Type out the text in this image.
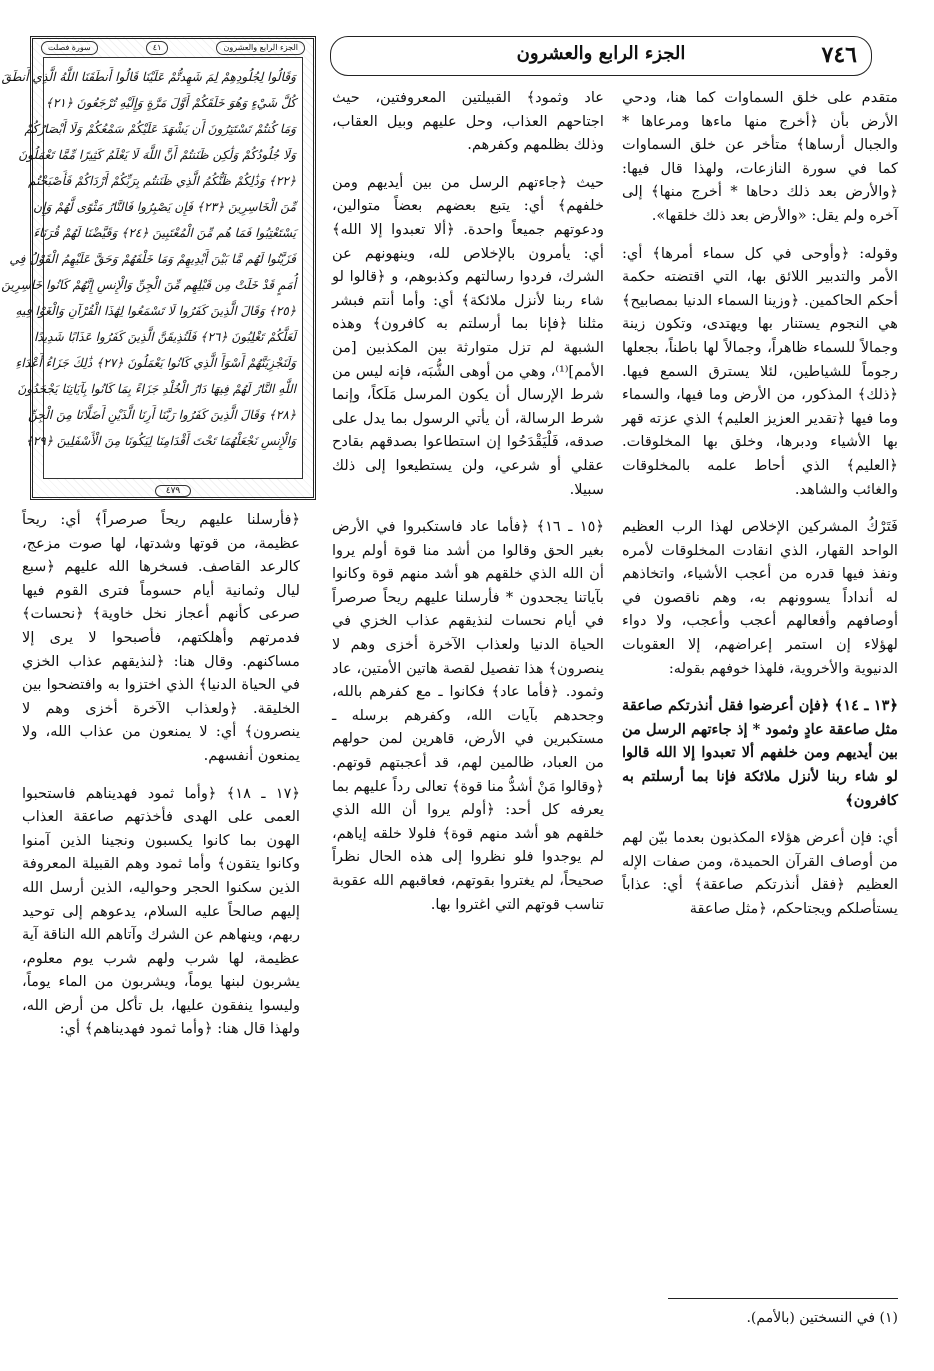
٧٤٦
الجزء الرابع والعشرون
الجزء الرابع والعشرون
٤١
سورة فصلت
وَقَالُوا لِجُلُودِهِمْ لِمَ شَهِدتُّمْ عَلَيْنَا قَالُوا أَنطَقَنَا اللَّهُ الَّذِي أَنطَقَ
كُلَّ شَيْءٍ وَهُوَ خَلَقَكُمْ أَوَّلَ مَرَّةٍ وَإِلَيْهِ تُرْجَعُونَ ﴿٢١﴾
وَمَا كُنتُمْ تَسْتَتِرُونَ أَن يَشْهَدَ عَلَيْكُمْ سَمْعُكُمْ وَلَا أَبْصَارُكُمْ
وَلَا جُلُودُكُمْ وَلَٰكِن ظَنَنتُمْ أَنَّ اللَّهَ لَا يَعْلَمُ كَثِيرًا مِّمَّا تَعْمَلُونَ
﴿٢٢﴾ وَذَٰلِكُمْ ظَنُّكُمُ الَّذِي ظَنَنتُم بِرَبِّكُمْ أَرْدَاكُمْ فَأَصْبَحْتُم
مِّنَ الْخَاسِرِينَ ﴿٢٣﴾ فَإِن يَصْبِرُوا فَالنَّارُ مَثْوًى لَّهُمْ وَإِن
يَسْتَعْتِبُوا فَمَا هُم مِّنَ الْمُعْتَبِينَ ﴿٢٤﴾ وَقَيَّضْنَا لَهُمْ قُرَنَاءَ
فَزَيَّنُوا لَهُم مَّا بَيْنَ أَيْدِيهِمْ وَمَا خَلْفَهُمْ وَحَقَّ عَلَيْهِمُ الْقَوْلُ فِي
أُمَمٍ قَدْ خَلَتْ مِن قَبْلِهِم مِّنَ الْجِنِّ وَالْإِنسِ إِنَّهُمْ كَانُوا خَاسِرِينَ
﴿٢٥﴾ وَقَالَ الَّذِينَ كَفَرُوا لَا تَسْمَعُوا لِهَٰذَا الْقُرْآنِ وَالْغَوْا فِيهِ
لَعَلَّكُمْ تَغْلِبُونَ ﴿٢٦﴾ فَلَنُذِيقَنَّ الَّذِينَ كَفَرُوا عَذَابًا شَدِيدًا
وَلَنَجْزِيَنَّهُمْ أَسْوَأَ الَّذِي كَانُوا يَعْمَلُونَ ﴿٢٧﴾ ذَٰلِكَ جَزَاءُ أَعْدَاءِ
اللَّهِ النَّارُ لَهُمْ فِيهَا دَارُ الْخُلْدِ جَزَاءً بِمَا كَانُوا بِآيَاتِنَا يَجْحَدُونَ
﴿٢٨﴾ وَقَالَ الَّذِينَ كَفَرُوا رَبَّنَا أَرِنَا الَّذَيْنِ أَضَلَّانَا مِنَ الْجِنِّ
وَالْإِنسِ نَجْعَلْهُمَا تَحْتَ أَقْدَامِنَا لِيَكُونَا مِنَ الْأَسْفَلِينَ ﴿٢٩﴾
٤٧٩

متقدم على خلق السماوات كما هنا، ودحي الأرض بأن ﴿أخرج منها ماءها ومرعاها * والجبال أرساها﴾ متأخر عن خلق السماوات كما في سورة النازعات، ولهذا قال فيها: ﴿والأرض بعد ذلك دحاها * أخرج منها﴾ إلى آخره ولم يقل: «والأرض بعد ذلك خلقها».

وقوله: ﴿وأوحى في كل سماء أمرها﴾ أي: الأمر والتدبير اللائق بها، التي اقتضته حكمة أحكم الحاكمين. ﴿وزينا السماء الدنيا بمصابيح﴾ هي النجوم يستنار بها ويهتدى، وتكون زينة وجمالاً للسماء ظاهراً، وجمالاً لها باطناً، بجعلها رجوماً للشياطين، لئلا يسترق السمع فيها. ﴿ذلك﴾ المذكور، من الأرض وما فيها، والسماء وما فيها ﴿تقدير العزيز العليم﴾ الذي عزته قهر بها الأشياء ودبرها، وخلق بها المخلوقات. ﴿العليم﴾ الذي أحاط علمه بالمخلوقات والغائب والشاهد.

فَتَرْكُ المشركين الإخلاص لهذا الرب العظيم الواحد القهار، الذي انقادت المخلوقات لأمره ونفذ فيها قدره من أعجب الأشياء، واتخاذهم له أنداداً يسوونهم به، وهم ناقصون في أوصافهم وأفعالهم أعجب وأعجب، ولا دواء لهؤلاء إن استمر إعراضهم، إلا العقوبات الدنيوية والأخروية، فلهذا خوفهم بقوله:

﴿١٣ ـ ١٤﴾ ﴿فإن أعرضوا فقل أنذرتكم صاعقة مثل صاعقة عادٍ وثمود * إذ جاءتهم الرسل من بين أيديهم ومن خلفهم ألا تعبدوا إلا الله قالوا لو شاء ربنا لأنزل ملائكة فإنا بما أرسلتم به كافرون﴾

أي: فإن أعرض هؤلاء المكذبون بعدما بيّن لهم من أوصاف القرآن الحميدة، ومن صفات الإله العظيم ﴿فقل أنذرتكم صاعقة﴾ أي: عذاباً يستأصلكم ويجتاحكم، ﴿مثل صاعقة

عاد وثمود﴾ القبيلتين المعروفتين، حيث اجتاحهم العذاب، وحل عليهم وبيل العقاب، وذلك بظلمهم وكفرهم.

حيث ﴿جاءتهم الرسل من بين أيديهم ومن خلفهم﴾ أي: يتبع بعضهم بعضاً متوالين، ودعوتهم جميعاً واحدة. ﴿ألا تعبدوا إلا الله﴾ أي: يأمرون بالإخلاص لله، وينهونهم عن الشرك، فردوا رسالتهم وكذبوهم، و ﴿قالوا لو شاء ربنا لأنزل ملائكة﴾ أي: وأما أنتم فبشر مثلنا ﴿فإنا بما أرسلتم به كافرون﴾ وهذه الشبهة لم تزل متوارثة بين المكذبين [من الأمم]⁽¹⁾، وهي من أوهى الشُّبَه، فإنه ليس من شرط الإرسال أن يكون المرسل مَلَكاً، وإنما شرط الرسالة، أن يأتي الرسول بما يدل على صدقه، فَلْيَقْدَحُوا إن استطاعوا بصدقهم بقادح عقلي أو شرعي، ولن يستطيعوا إلى ذلك سبيلا.

﴿١٥ ـ ١٦﴾ ﴿فأما عاد فاستكبروا في الأرض بغير الحق وقالوا من أشد منا قوة أولم يروا أن الله الذي خلقهم هو أشد منهم قوة وكانوا بآياتنا يجحدون * فأرسلنا عليهم ريحاً صرصراً في أيام نحسات لنذيقهم عذاب الخزي في الحياة الدنيا ولعذاب الآخرة أخزى وهم لا ينصرون﴾ هذا تفصيل لقصة هاتين الأمتين، عاد وثمود. ﴿فأما عاد﴾ فكانوا ـ مع كفرهم بالله، وجحدهم بآيات الله، وكفرهم برسله ـ مستكبرين في الأرض، قاهرين لمن حولهم من العباد، ظالمين لهم، قد أعجبتهم قوتهم. ﴿وقالوا مَنْ أشدُّ منا قوة﴾ تعالى رداً عليهم بما يعرفه كل أحد: ﴿أولم يروا أن الله الذي خلقهم هو أشد منهم قوة﴾ فلولا خلقه إياهم، لم يوجدوا فلو نظروا إلى هذه الحال نظراً صحيحاً، لم يغتروا بقوتهم، فعاقبهم الله عقوبة تناسب قوتهم التي اغتروا بها.

﴿فأرسلنا عليهم ريحاً صرصراً﴾ أي: ريحاً عظيمة، من قوتها وشدتها، لها صوت مزعج، كالرعد القاصف. فسخرها الله عليهم ﴿سبع ليال وثمانية أيام حسوماً فترى القوم فيها صرعى كأنهم أعجاز نخل خاوية﴾ ﴿نحسات﴾ فدمرتهم وأهلكتهم، فأصبحوا لا يرى إلا مساكنهم. وقال هنا: ﴿لنذيقهم عذاب الخزي في الحياة الدنيا﴾ الذي اختزوا به وافتضحوا بين الخليقة. ﴿ولعذاب الآخرة أخزى وهم لا ينصرون﴾ أي: لا يمنعون من عذاب الله، ولا يمنعون أنفسهم.

﴿١٧ ـ ١٨﴾ ﴿وأما ثمود فهديناهم فاستحبوا العمى على الهدى فأخذتهم صاعقة العذاب الهون بما كانوا يكسبون ونجينا الذين آمنوا وكانوا يتقون﴾ وأما ثمود وهم القبيلة المعروفة الذين سكنوا الحجر وحواليه، الذين أرسل الله إليهم صالحاً عليه السلام، يدعوهم إلى توحيد ربهم، وينهاهم عن الشرك وآتاهم الله الناقة آية عظيمة، لها شرب ولهم شرب يوم معلوم، يشربون لبنها يوماً، ويشربون من الماء يوماً، وليسوا ينفقون عليها، بل تأكل من أرض الله، ولهذا قال هنا: ﴿وأما ثمود فهديناهم﴾ أي:

(١) في النسختين (بالأمم).
